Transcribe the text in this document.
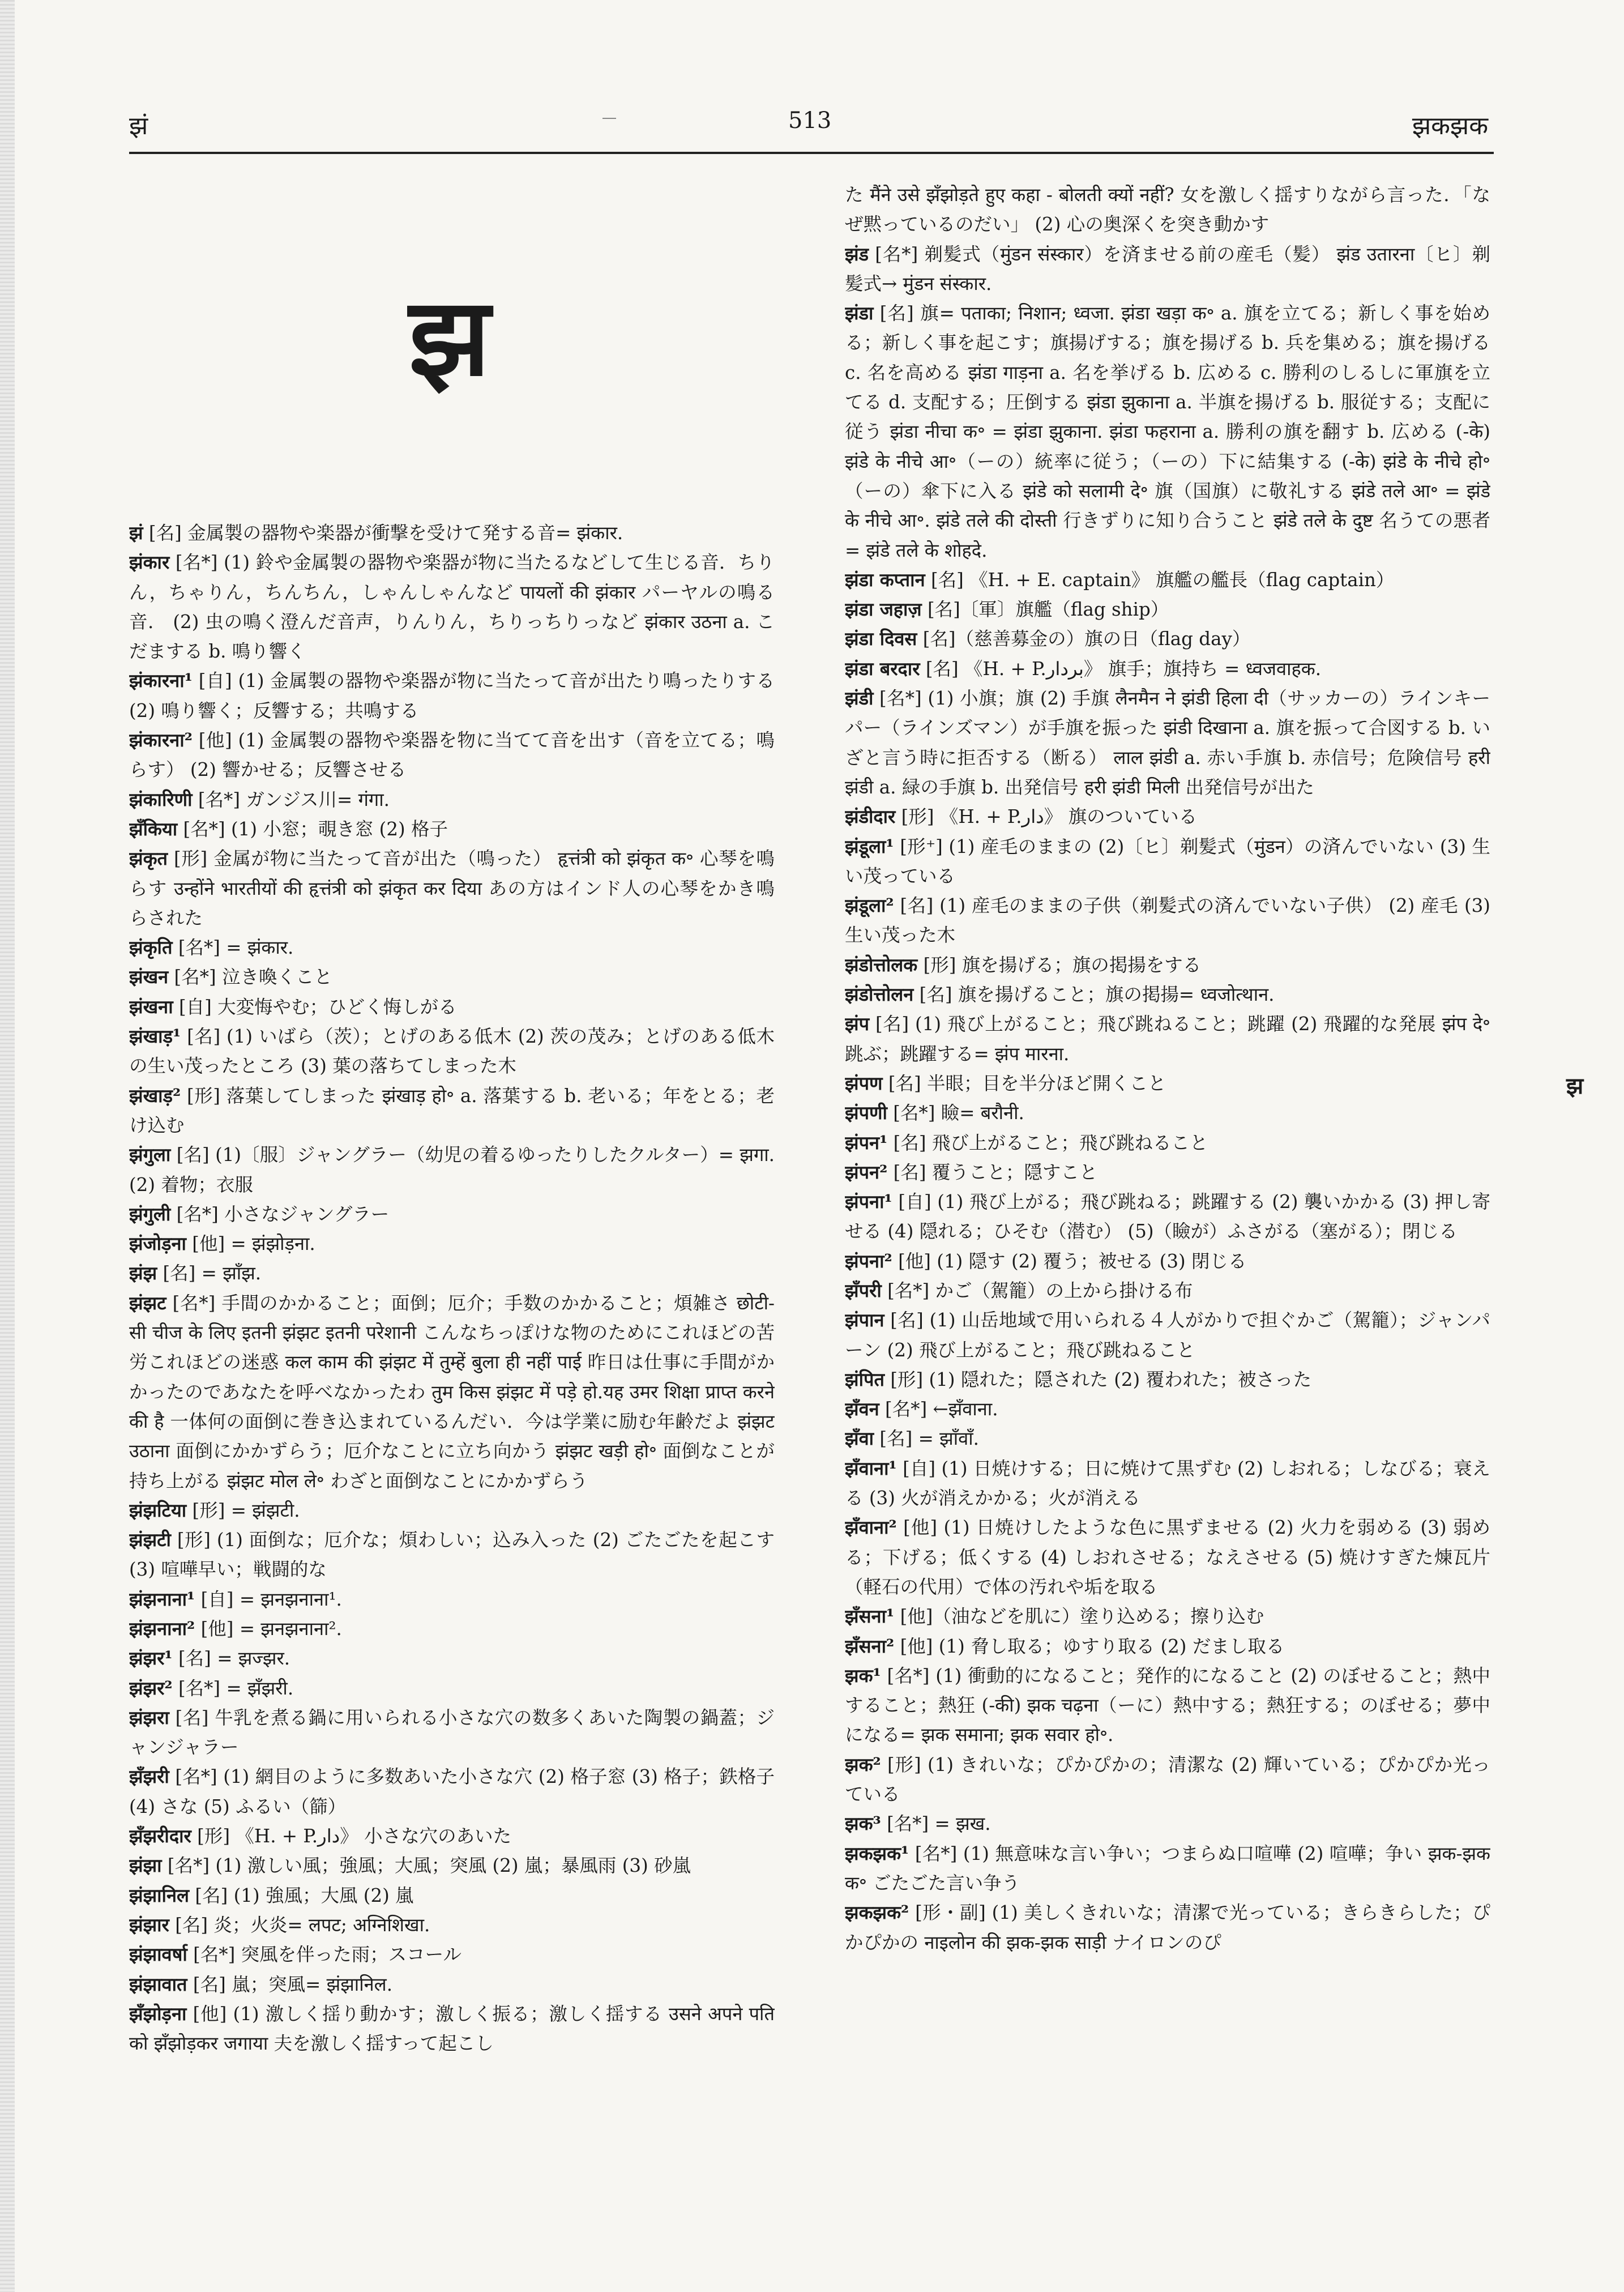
झं	513	झकझक
झ
झ

झं [名] 金属製の器物や楽器が衝撃を受けて発する音= झंकार.

झंकार [名*] (1) 鈴や金属製の器物や楽器が物に当たるなどして生じる音．ちりん，ちゃりん，ちんちん，しゃんしゃんなど पायलों की झंकार パーヤルの鳴る音． (2) 虫の鳴く澄んだ音声，りんりん，ちりっちりっなど झंकार उठना a. こだまする b. 鳴り響く

झंकारना¹ [自] (1) 金属製の器物や楽器が物に当たって音が出たり鳴ったりする (2) 鳴り響く；反響する；共鳴する

झंकारना² [他] (1) 金属製の器物や楽器を物に当てて音を出す（音を立てる；鳴らす） (2) 響かせる；反響させる

झंकारिणी [名*] ガンジス川= गंगा.

झँकिया [名*] (1) 小窓；覗き窓 (2) 格子

झंकृत [形] 金属が物に当たって音が出た（鳴った） हृत्तंत्री को झंकृत क॰ 心琴を鳴らす उन्होंने भारतीयों की हृत्तंत्री को झंकृत कर दिया あの方はインド人の心琴をかき鳴らされた

झंकृति [名*] = झंकार.

झंखन [名*] 泣き喚くこと

झंखना [自] 大変悔やむ；ひどく悔しがる

झंखाड़¹ [名] (1) いばら（茨）；とげのある低木 (2) 茨の茂み；とげのある低木の生い茂ったところ (3) 葉の落ちてしまった木

झंखाड़² [形] 落葉してしまった झंखाड़ हो॰ a. 落葉する b. 老いる；年をとる；老け込む

झंगुला [名] (1)〔服〕ジャングラー（幼児の着るゆったりしたクルター）= झगा. (2) 着物；衣服

झंगुली [名*] 小さなジャングラー

झंजोड़ना [他] = झंझोड़ना.

झंझ [名] = झाँझ.

झंझट [名*] 手間のかかること；面倒；厄介；手数のかかること；煩雑さ छोटी-सी चीज के लिए इतनी झंझट इतनी परेशानी こんなちっぽけな物のためにこれほどの苦労これほどの迷惑 कल काम की झंझट में तुम्हें बुला ही नहीं पाई 昨日は仕事に手間がかかったのであなたを呼べなかったわ तुम किस झंझट में पड़े हो.यह उमर शिक्षा प्राप्त करने की है 一体何の面倒に巻き込まれているんだい．今は学業に励む年齢だよ झंझट उठाना 面倒にかかずらう；厄介なことに立ち向かう झंझट खड़ी हो॰ 面倒なことが持ち上がる झंझट मोल ले॰ わざと面倒なことにかかずらう

झंझटिया [形] = झंझटी.

झंझटी [形] (1) 面倒な；厄介な；煩わしい；込み入った (2) ごたごたを起こす (3) 喧嘩早い；戦闘的な

झंझनाना¹ [自] = झनझनाना¹.

झंझनाना² [他] = झनझनाना².

झंझर¹ [名] = झज्झर.

झंझर² [名*] = झँझरी.

झंझरा [名] 牛乳を煮る鍋に用いられる小さな穴の数多くあいた陶製の鍋蓋；ジャンジャラー

झँझरी [名*] (1) 網目のように多数あいた小さな穴 (2) 格子窓 (3) 格子；鉄格子 (4) さな (5) ふるい（篩）

झँझरीदार [形] 《H. + P.دار》 小さな穴のあいた

झंझा [名*] (1) 激しい風；強風；大風；突風 (2) 嵐；暴風雨 (3) 砂嵐

झंझानिल [名] (1) 強風；大風 (2) 嵐

झंझार [名] 炎；火炎= लपट; अग्निशिखा.

झंझावर्षा [名*] 突風を伴った雨；スコール

झंझावात [名] 嵐；突風= झंझानिल.

झँझोड़ना [他] (1) 激しく揺り動かす；激しく振る；激しく揺する उसने अपने पति को झँझोड़कर जगाया 夫を激しく揺すって起こし

た मैंने उसे झँझोड़ते हुए कहा - बोलती क्यों नहीं? 女を激しく揺すりながら言った．「なぜ黙っているのだい」 (2) 心の奥深くを突き動かす

झंड [名*] 剃髪式（मुंडन संस्कार）を済ませる前の産毛（髪） झंड उतारना〔ヒ〕剃髪式→ मुंडन संस्कार.

झंडा [名] 旗= पताका; निशान; ध्वजा. झंडा खड़ा क॰ a. 旗を立てる；新しく事を始める；新しく事を起こす；旗揚げする；旗を揚げる b. 兵を集める；旗を揚げる c. 名を高める झंडा गाड़ना a. 名を挙げる b. 広める c. 勝利のしるしに軍旗を立てる d. 支配する；圧倒する झंडा झुकाना a. 半旗を揚げる b. 服従する；支配に従う झंडा नीचा क॰ = झंडा झुकाना. झंडा फहराना a. 勝利の旗を翻す b. 広める (-के) झंडे के नीचे आ॰（ーの）統率に従う；（ーの）下に結集する (-के) झंडे के नीचे हो॰（ーの）傘下に入る झंडे को सलामी दे॰ 旗（国旗）に敬礼する झंडे तले आ॰ = झंडे के नीचे आ॰. झंडे तले की दोस्ती 行きずりに知り合うこと झंडे तले के दुष्ट 名うての悪者= झंडे तले के शोहदे.

झंडा कप्तान [名] 《H. + E. captain》 旗艦の艦長（flag captain）

झंडा जहाज़ [名]〔軍〕旗艦（flag ship）

झंडा दिवस [名]（慈善募金の）旗の日（flag day）

झंडा बरदार [名] 《H. + P.بردار》 旗手；旗持ち = ध्वजवाहक.

झंडी [名*] (1) 小旗；旗 (2) 手旗 लैनमैन ने झंडी हिला दी（サッカーの）ラインキーパー（ラインズマン）が手旗を振った झंडी दिखाना a. 旗を振って合図する b. いざと言う時に拒否する（断る） लाल झंडी a. 赤い手旗 b. 赤信号；危険信号 हरी झंडी a. 緑の手旗 b. 出発信号 हरी झंडी मिली 出発信号が出た

झंडीदार [形] 《H. + P.دار》 旗のついている

झंडूला¹ [形⁺] (1) 産毛のままの (2)〔ヒ〕剃髪式（मुंडन）の済んでいない (3) 生い茂っている

झंडूला² [名] (1) 産毛のままの子供（剃髪式の済んでいない子供） (2) 産毛 (3) 生い茂った木

झंडोत्तोलक [形] 旗を揚げる；旗の掲揚をする

झंडोत्तोलन [名] 旗を揚げること；旗の掲揚= ध्वजोत्थान.

झंप [名] (1) 飛び上がること；飛び跳ねること；跳躍 (2) 飛躍的な発展 झंप दे॰ 跳ぶ；跳躍する= झंप मारना.

झंपण [名] 半眼；目を半分ほど開くこと

झंपणी [名*] 瞼= बरौनी.

झंपन¹ [名] 飛び上がること；飛び跳ねること

झंपन² [名] 覆うこと；隠すこと

झंपना¹ [自] (1) 飛び上がる；飛び跳ねる；跳躍する (2) 襲いかかる (3) 押し寄せる (4) 隠れる；ひそむ（潜む） (5)（瞼が）ふさがる（塞がる）；閉じる

झंपना² [他] (1) 隠す (2) 覆う；被せる (3) 閉じる

झँपरी [名*] かご（駕籠）の上から掛ける布

झंपान [名] (1) 山岳地域で用いられる４人がかりで担ぐかご（駕籠）；ジャンパーン (2) 飛び上がること；飛び跳ねること

झंपित [形] (1) 隠れた；隠された (2) 覆われた；被さった

झँवन [名*] ←झँवाना.

झँवा [名] = झाँवाँ.

झँवाना¹ [自] (1) 日焼けする；日に焼けて黒ずむ (2) しおれる；しなびる；衰える (3) 火が消えかかる；火が消える

झँवाना² [他] (1) 日焼けしたような色に黒ずませる (2) 火力を弱める (3) 弱める；下げる；低くする (4) しおれさせる；なえさせる (5) 焼けすぎた煉瓦片（軽石の代用）で体の汚れや垢を取る

झँसना¹ [他]（油などを肌に）塗り込める；擦り込む

झँसना² [他] (1) 脅し取る；ゆすり取る (2) だまし取る

झक¹ [名*] (1) 衝動的になること；発作的になること (2) のぼせること；熱中すること；熱狂 (-की) झक चढ़ना（ーに）熱中する；熱狂する；のぼせる；夢中になる= झक समाना; झक सवार हो॰.

झक² [形] (1) きれいな；ぴかぴかの；清潔な (2) 輝いている；ぴかぴか光っている

झक³ [名*] = झख.

झकझक¹ [名*] (1) 無意味な言い争い；つまらぬ口喧嘩 (2) 喧嘩；争い झक-झक क॰ ごたごた言い争う

झकझक² [形・副] (1) 美しくきれいな；清潔で光っている；きらきらした；ぴかぴかの नाइलोन की झक-झक साड़ी ナイロンのぴ
